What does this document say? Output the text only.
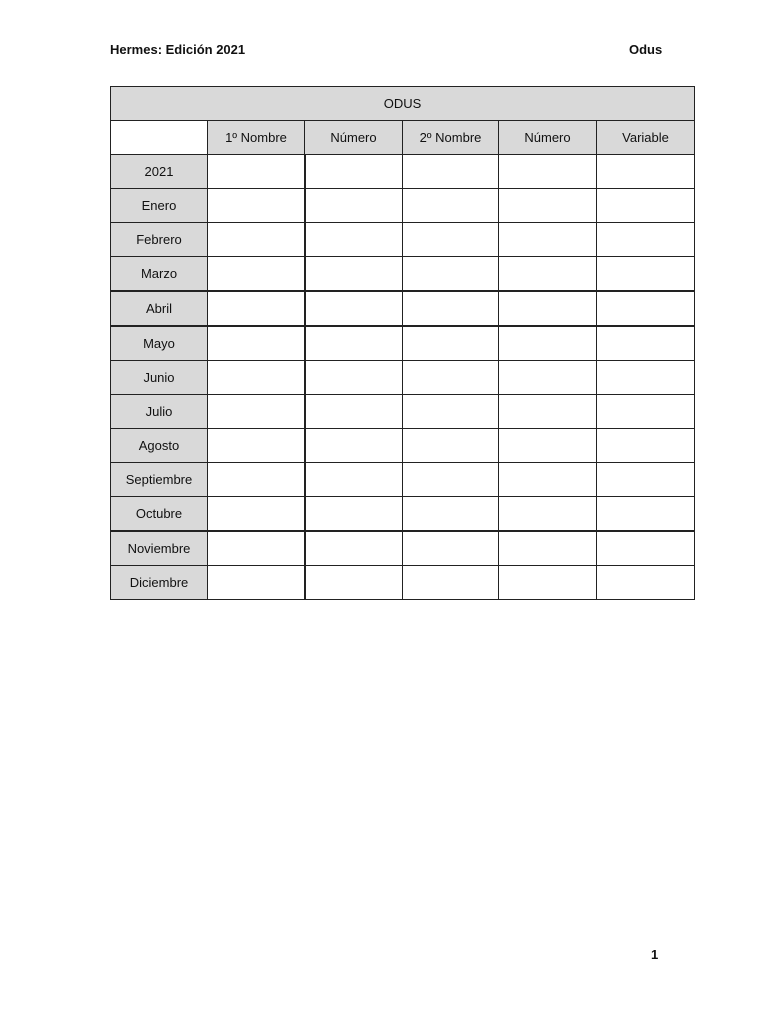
Hermes: Edición 2021	Odus
ODUS					
	1º Nombre	Número	2º Nombre	Número	Variable
2021					
Enero					
Febrero					
Marzo					
Abril					
Mayo					
Junio					
Julio					
Agosto					
Septiembre					
Octubre					
Noviembre					
Diciembre					
1
